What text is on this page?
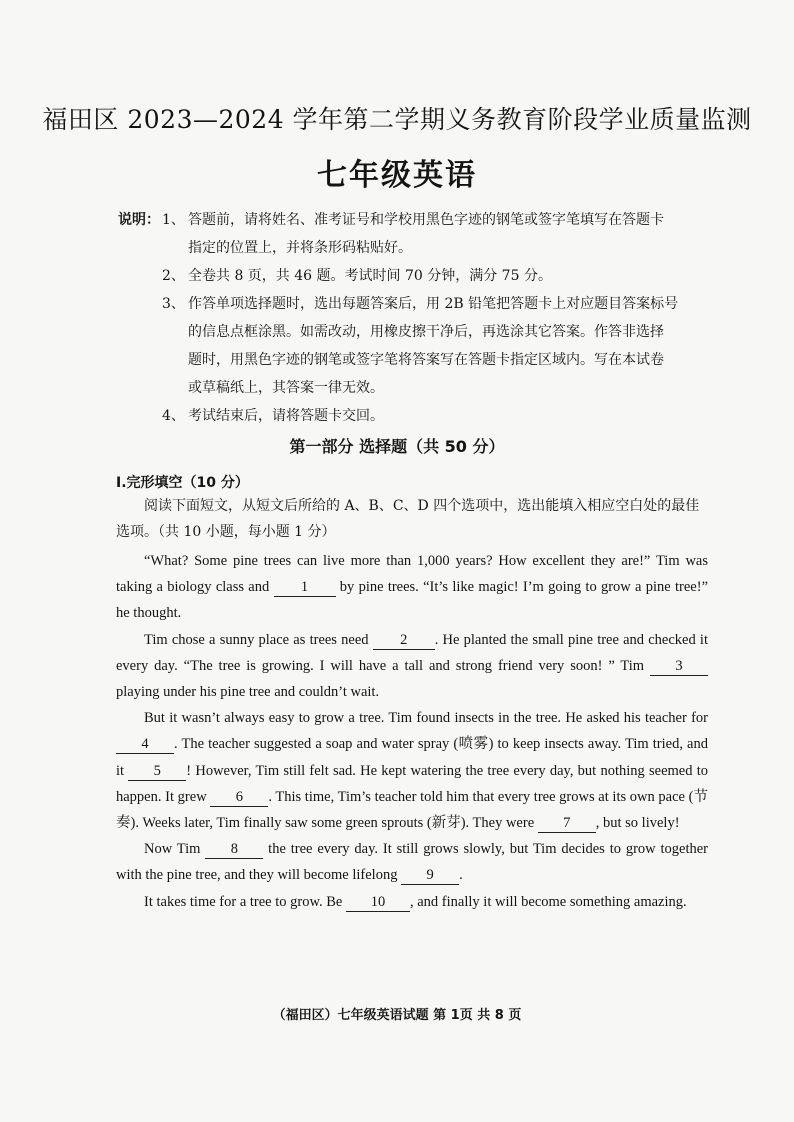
福田区 2023—2024 学年第二学期义务教育阶段学业质量监测
七年级英语
说明： 1、 答题前，请将姓名、准考证号和学校用黑色字迹的钢笔或签字笔填写在答题卡
指定的位置上，并将条形码粘贴好。
2、 全卷共 8 页，共 46 题。考试时间 70 分钟，满分 75 分。
3、 作答单项选择题时，选出每题答案后，用 2B 铅笔把答题卡上对应题目答案标号
的信息点框涂黑。如需改动，用橡皮擦干净后，再选涂其它答案。作答非选择
题时，用黑色字迹的钢笔或签字笔将答案写在答题卡指定区域内。写在本试卷
或草稿纸上，其答案一律无效。
4、 考试结束后，请将答题卡交回。
第一部分 选择题（共 50 分）
I.完形填空（10 分）
阅读下面短文，从短文后所给的 A、B、C、D 四个选项中，选出能填入相应空白处的最佳选项。（共 10 小题，每小题 1 分）

“What? Some pine trees can live more than 1,000 years? How excellent they are!” Tim was taking a biology class and 1 by pine trees. “It’s like magic! I’m going to grow a pine tree!” he thought.

Tim chose a sunny place as trees need 2 . He planted the small pine tree and checked it every day. “The tree is growing. I will have a tall and strong friend very soon! ” Tim 3 playing under his pine tree and couldn’t wait.

But it wasn’t always easy to grow a tree. Tim found insects in the tree. He asked his teacher for 4 . The teacher suggested a soap and water spray (喷雾) to keep insects away. Tim tried, and it 5 ! However, Tim still felt sad. He kept watering the tree every day, but nothing seemed to happen. It grew 6 . This time, Tim’s teacher told him that every tree grows at its own pace (节奏). Weeks later, Tim finally saw some green sprouts (新芽). They were 7 , but so lively!

Now Tim 8 the tree every day. It still grows slowly, but Tim decides to grow together with the pine tree, and they will become lifelong 9 .

It takes time for a tree to grow. Be 10 , and finally it will become something amazing.

（福田区）七年级英语试题 第 1页 共 8 页
